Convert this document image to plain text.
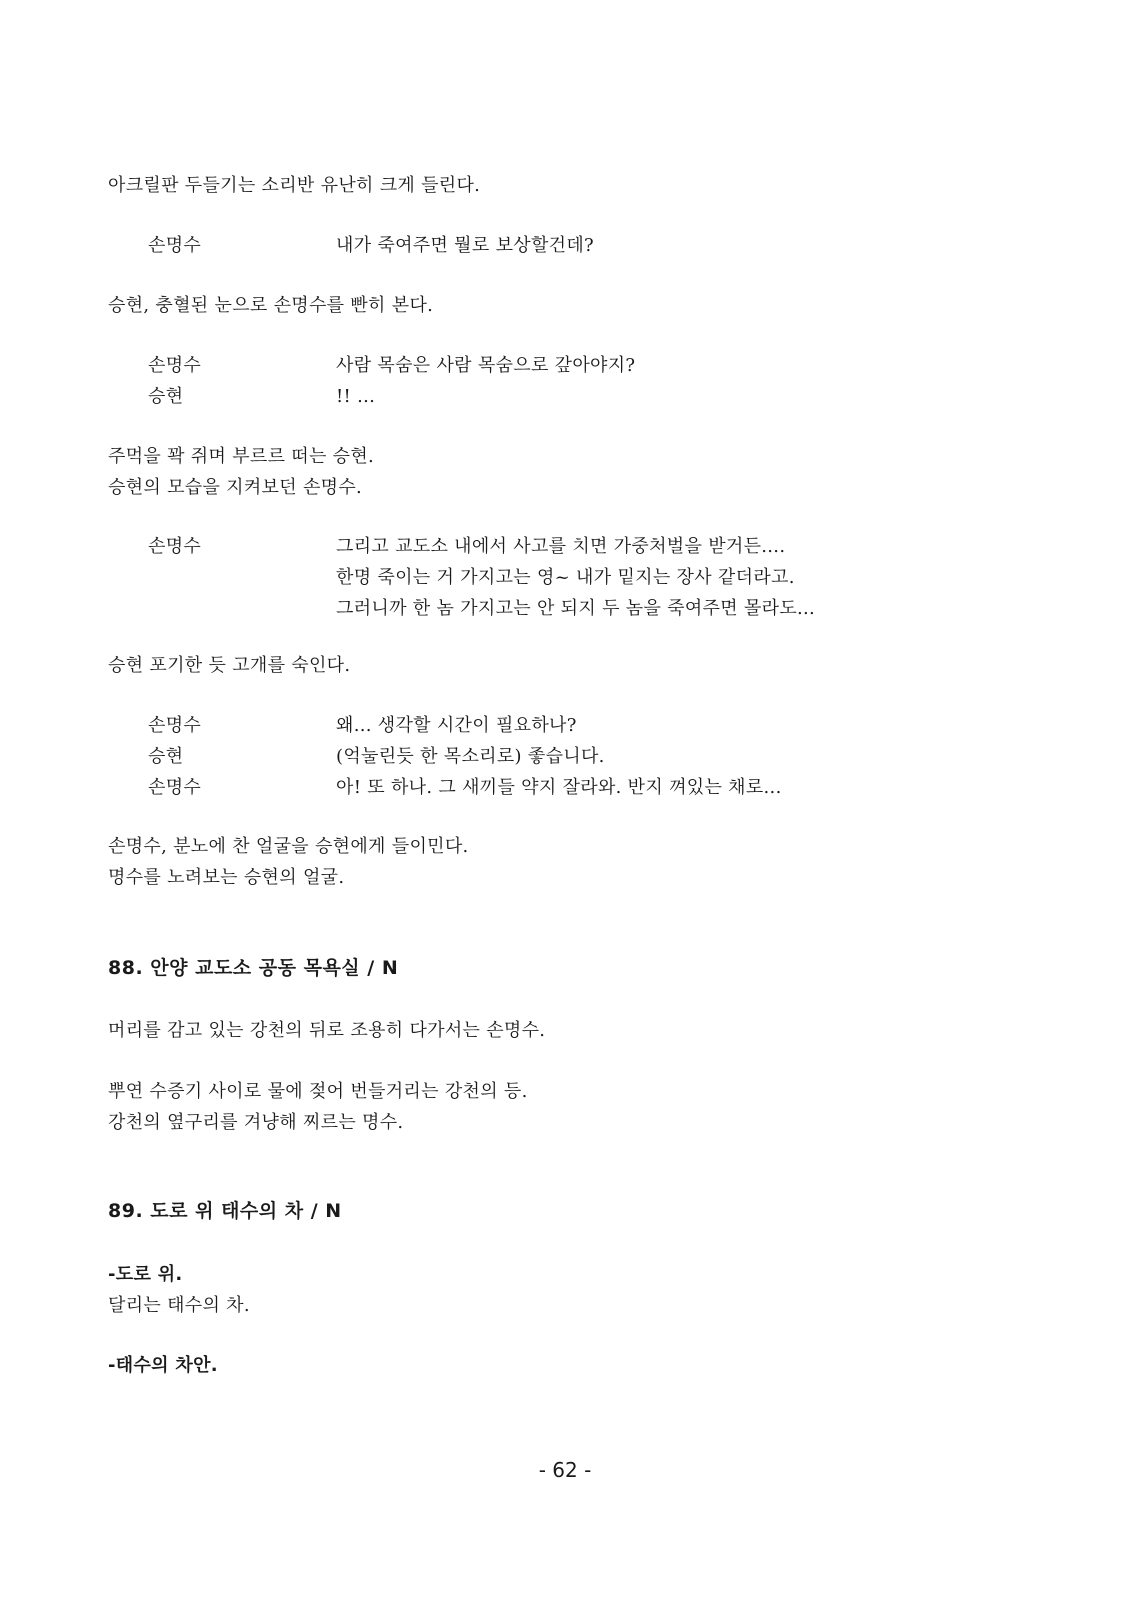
아크릴판 두들기는 소리반 유난히 크게 들린다.
손명수	내가 죽여주면 뭘로 보상할건데?
승현, 충혈된 눈으로 손명수를 빤히 본다.
손명수	사람 목숨은 사람 목숨으로 갚아야지?
승현	!! ...
주먹을 꽉 쥐며 부르르 떠는 승현.
승현의 모습을 지켜보던 손명수.
손명수	그리고 교도소 내에서 사고를 치면 가중처벌을 받거든....
한명 죽이는 거 가지고는 영~ 내가 밑지는 장사 같더라고.
그러니까 한 놈 가지고는 안 되지 두 놈을 죽여주면 몰라도...
승현 포기한 듯 고개를 숙인다.
손명수	왜... 생각할 시간이 필요하나?
승현	(억눌린듯 한 목소리로) 좋습니다.
손명수	아! 또 하나. 그 새끼들 약지 잘라와. 반지 껴있는 채로...
손명수, 분노에 찬 얼굴을 승현에게 들이민다.
명수를 노려보는 승현의 얼굴.
88. 안양 교도소 공동 목욕실 / N
머리를 감고 있는 강천의 뒤로 조용히 다가서는 손명수.
뿌연 수증기 사이로 물에 젖어 번들거리는 강천의 등.
강천의 옆구리를 겨냥해 찌르는 명수.
89. 도로 위 태수의 차 / N
-도로 위.
달리는 태수의 차.
-태수의 차안.
- 62 -
